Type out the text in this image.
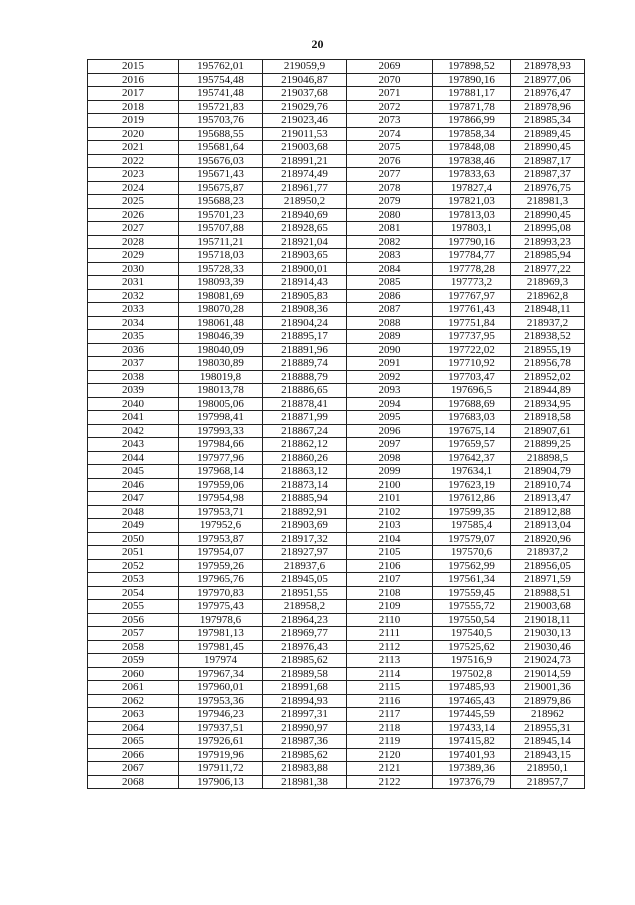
20
2015	195762,01	219059,9	2069	197898,52	218978,93
2016	195754,48	219046,87	2070	197890,16	218977,06
2017	195741,48	219037,68	2071	197881,17	218976,47
2018	195721,83	219029,76	2072	197871,78	218978,96
2019	195703,76	219023,46	2073	197866,99	218985,34
2020	195688,55	219011,53	2074	197858,34	218989,45
2021	195681,64	219003,68	2075	197848,08	218990,45
2022	195676,03	218991,21	2076	197838,46	218987,17
2023	195671,43	218974,49	2077	197833,63	218987,37
2024	195675,87	218961,77	2078	197827,4	218976,75
2025	195688,23	218950,2	2079	197821,03	218981,3
2026	195701,23	218940,69	2080	197813,03	218990,45
2027	195707,88	218928,65	2081	197803,1	218995,08
2028	195711,21	218921,04	2082	197790,16	218993,23
2029	195718,03	218903,65	2083	197784,77	218985,94
2030	195728,33	218900,01	2084	197778,28	218977,22
2031	198093,39	218914,43	2085	197773,2	218969,3
2032	198081,69	218905,83	2086	197767,97	218962,8
2033	198070,28	218908,36	2087	197761,43	218948,11
2034	198061,48	218904,24	2088	197751,84	218937,2
2035	198046,39	218895,17	2089	197737,95	218938,52
2036	198040,09	218891,96	2090	197722,02	218955,19
2037	198030,89	218889,74	2091	197710,92	218956,78
2038	198019,8	218888,79	2092	197703,47	218952,02
2039	198013,78	218886,65	2093	197696,5	218944,89
2040	198005,06	218878,41	2094	197688,69	218934,95
2041	197998,41	218871,99	2095	197683,03	218918,58
2042	197993,33	218867,24	2096	197675,14	218907,61
2043	197984,66	218862,12	2097	197659,57	218899,25
2044	197977,96	218860,26	2098	197642,37	218898,5
2045	197968,14	218863,12	2099	197634,1	218904,79
2046	197959,06	218873,14	2100	197623,19	218910,74
2047	197954,98	218885,94	2101	197612,86	218913,47
2048	197953,71	218892,91	2102	197599,35	218912,88
2049	197952,6	218903,69	2103	197585,4	218913,04
2050	197953,87	218917,32	2104	197579,07	218920,96
2051	197954,07	218927,97	2105	197570,6	218937,2
2052	197959,26	218937,6	2106	197562,99	218956,05
2053	197965,76	218945,05	2107	197561,34	218971,59
2054	197970,83	218951,55	2108	197559,45	218988,51
2055	197975,43	218958,2	2109	197555,72	219003,68
2056	197978,6	218964,23	2110	197550,54	219018,11
2057	197981,13	218969,77	2111	197540,5	219030,13
2058	197981,45	218976,43	2112	197525,62	219030,46
2059	197974	218985,62	2113	197516,9	219024,73
2060	197967,34	218989,58	2114	197502,8	219014,59
2061	197960,01	218991,68	2115	197485,93	219001,36
2062	197953,36	218994,93	2116	197465,43	218979,86
2063	197946,23	218997,31	2117	197445,59	218962
2064	197937,51	218990,97	2118	197433,14	218955,31
2065	197926,61	218987,36	2119	197415,82	218945,14
2066	197919,96	218985,62	2120	197401,93	218943,15
2067	197911,72	218983,88	2121	197389,36	218950,1
2068	197906,13	218981,38	2122	197376,79	218957,7
